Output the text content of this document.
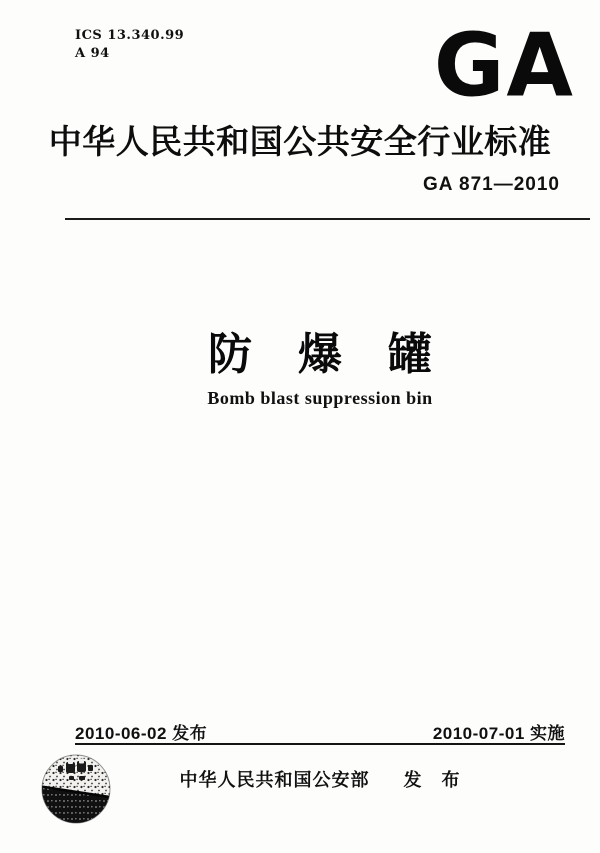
ICS 13.340.99
A 94	GA
中华人民共和国公共安全行业标准
GA 871—2010
防 爆 罐
Bomb blast suppression bin
2010-06-02 发布	2010-07-01 实施
中华人民共和国公安部 发　布
